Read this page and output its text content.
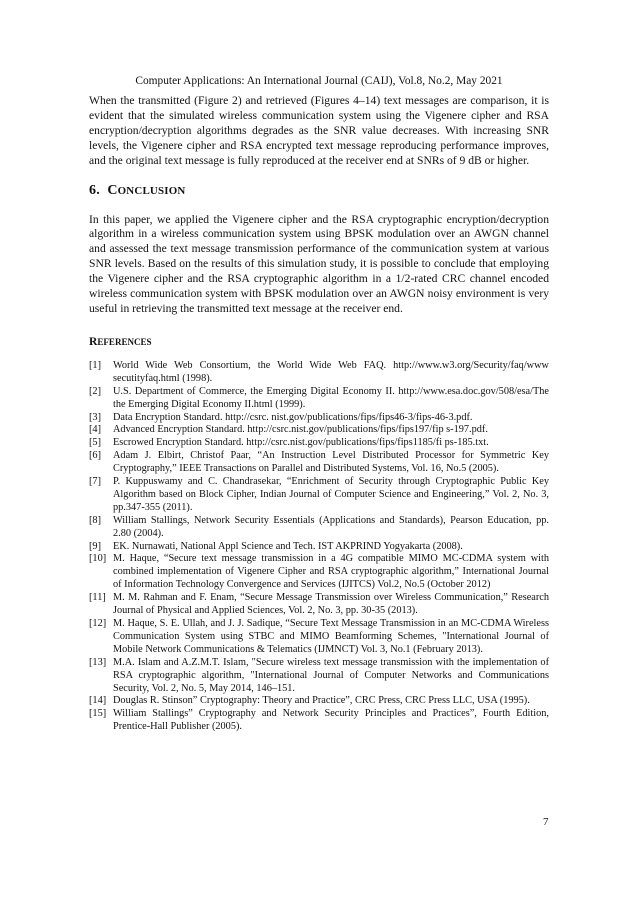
Computer Applications: An International Journal (CAIJ), Vol.8, No.2, May 2021

When the transmitted (Figure 2) and retrieved (Figures 4–14) text messages are comparison, it is evident that the simulated wireless communication system using the Vigenere cipher and RSA encryption/decryption algorithms degrades as the SNR value decreases. With increasing SNR levels, the Vigenere cipher and RSA encrypted text message reproducing performance improves, and the original text message is fully reproduced at the receiver end at SNRs of 9 dB or higher.

6. CONCLUSION

In this paper, we applied the Vigenere cipher and the RSA cryptographic encryption/decryption algorithm in a wireless communication system using BPSK modulation over an AWGN channel and assessed the text message transmission performance of the communication system at various SNR levels. Based on the results of this simulation study, it is possible to conclude that employing the Vigenere cipher and the RSA cryptographic algorithm in a 1/2-rated CRC channel encoded wireless communication system with BPSK modulation over an AWGN noisy environment is very useful in retrieving the transmitted text message at the receiver end.

REFERENCES
[1] World Wide Web Consortium, the World Wide Web FAQ. http://www.w3.org/Security/faq/www secutityfaq.html (1998).
[2] U.S. Department of Commerce, the Emerging Digital Economy II. http://www.esa.doc.gov/508/esa/The the Emerging Digital Economy II.html (1999).
[3] Data Encryption Standard. http://csrc. nist.gov/publications/fips/fips46-3/fips-46-3.pdf.
[4] Advanced Encryption Standard. http://csrc.nist.gov/publications/fips/fips197/fip s-197.pdf.
[5] Escrowed Encryption Standard. http://csrc.nist.gov/publications/fips/fips1185/fi ps-185.txt.
[6] Adam J. Elbirt, Christof Paar, “An Instruction Level Distributed Processor for Symmetric Key Cryptography,” IEEE Transactions on Parallel and Distributed Systems, Vol. 16, No.5 (2005).
[7] P. Kuppuswamy and C. Chandrasekar, “Enrichment of Security through Cryptographic Public Key Algorithm based on Block Cipher, Indian Journal of Computer Science and Engineering,” Vol. 2, No. 3, pp.347-355 (2011).
[8] William Stallings, Network Security Essentials (Applications and Standards), Pearson Education, pp. 2.80 (2004).
[9] EK. Nurnawati, National Appl Science and Tech. IST AKPRIND Yogyakarta (2008).
[10] M. Haque, “Secure text message transmission in a 4G compatible MIMO MC-CDMA system with combined implementation of Vigenere Cipher and RSA cryptographic algorithm,” International Journal of Information Technology Convergence and Services (IJITCS) Vol.2, No.5 (October 2012)
[11] M. M. Rahman and F. Enam, “Secure Message Transmission over Wireless Communication,” Research Journal of Physical and Applied Sciences, Vol. 2, No. 3, pp. 30-35 (2013).
[12] M. Haque, S. E. Ullah, and J. J. Sadique, “Secure Text Message Transmission in an MC-CDMA Wireless Communication System using STBC and MIMO Beamforming Schemes, "International Journal of Mobile Network Communications & Telematics (IJMNCT) Vol. 3, No.1 (February 2013).
[13] M.A. Islam and A.Z.M.T. Islam, "Secure wireless text message transmission with the implementation of RSA cryptographic algorithm, "International Journal of Computer Networks and Communications Security, Vol. 2, No. 5, May 2014, 146–151.
[14] Douglas R. Stinson” Cryptography: Theory and Practice”, CRC Press, CRC Press LLC, USA (1995).
[15] William Stallings” Cryptography and Network Security Principles and Practices”, Fourth Edition, Prentice-Hall Publisher (2005).
7
